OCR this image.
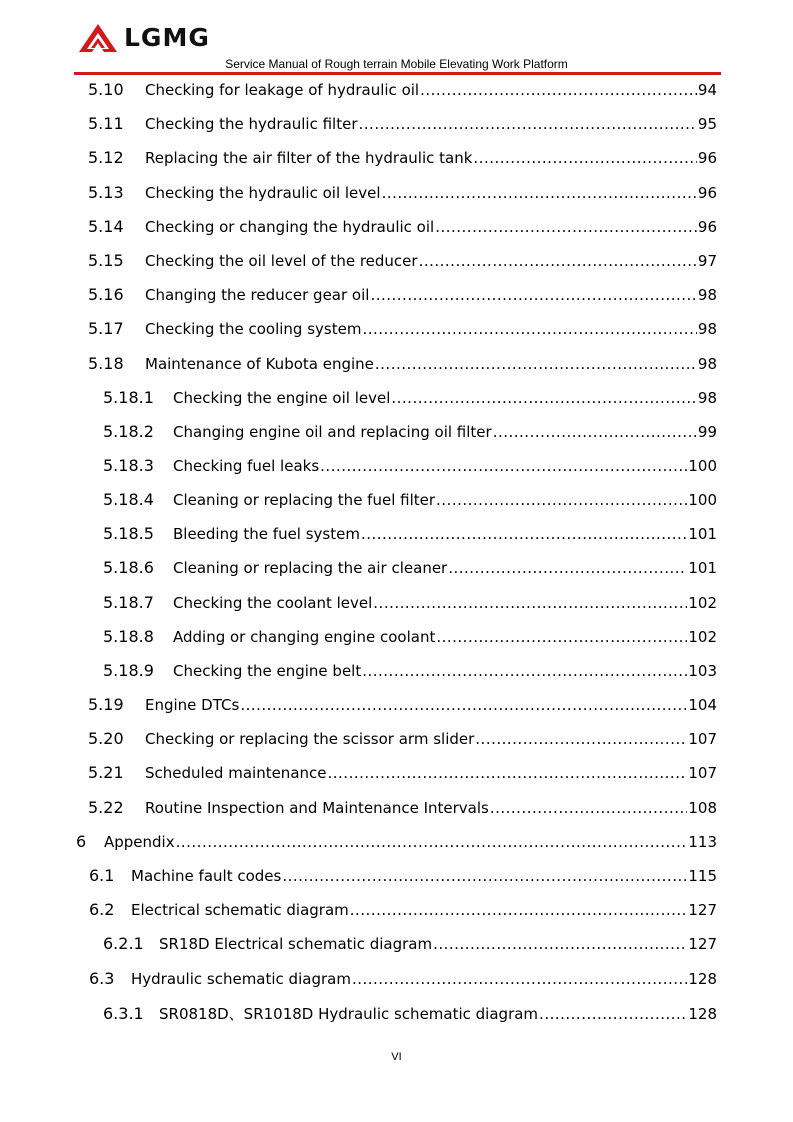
LGMG
Service Manual of Rough terrain Mobile Elevating Work Platform
5.10	Checking for leakage of hydraulic oil .....	94
5.11	Checking the hydraulic filter .....	95
5.12	Replacing the air filter of the hydraulic tank .....	96
5.13	Checking the hydraulic oil level .....	96
5.14	Checking or changing the hydraulic oil .....	96
5.15	Checking the oil level of the reducer .....	97
5.16	Changing the reducer gear oil .....	98
5.17	Checking the cooling system .....	98
5.18	Maintenance of Kubota engine .....	98
5.18.1	Checking the engine oil level .....	98
5.18.2	Changing engine oil and replacing oil filter .....	99
5.18.3	Checking fuel leaks .....	100
5.18.4	Cleaning or replacing the fuel filter .....	100
5.18.5	Bleeding the fuel system .....	101
5.18.6	Cleaning or replacing the air cleaner .....	101
5.18.7	Checking the coolant level .....	102
5.18.8	Adding or changing engine coolant .....	102
5.18.9	Checking the engine belt .....	103
5.19	Engine DTCs .....	104
5.20	Checking or replacing the scissor arm slider .....	107
5.21	Scheduled maintenance .....	107
5.22	Routine Inspection and Maintenance Intervals .....	108
6	Appendix .....	113
6.1	Machine fault codes .....	115
6.2	Electrical schematic diagram .....	127
6.2.1	SR18D Electrical schematic diagram .....	127
6.3	Hydraulic schematic diagram .....	128
6.3.1	SR0818D、SR1018D Hydraulic schematic diagram .....	128
VI
